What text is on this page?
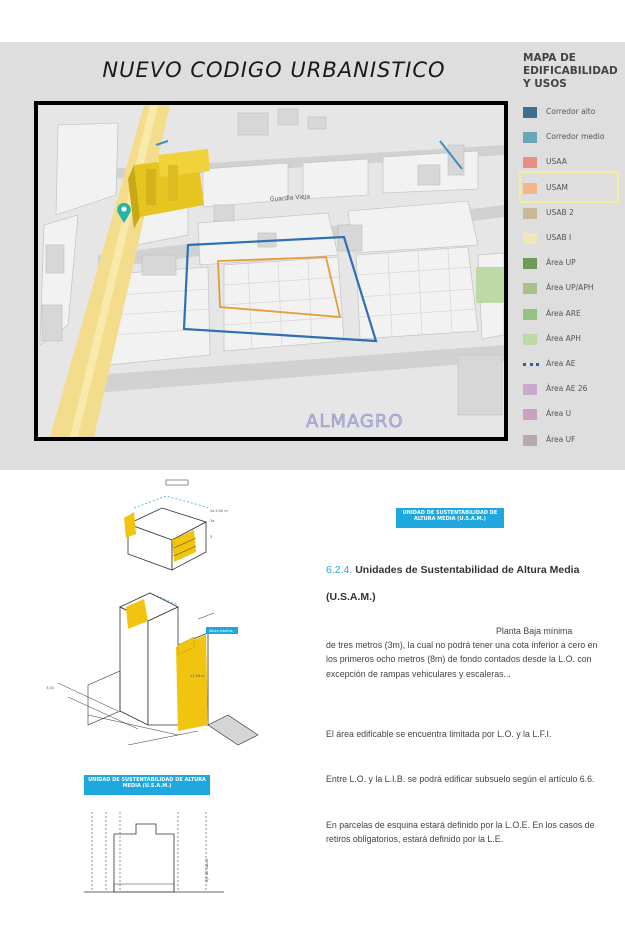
NUEVO CODIGO URBANISTICO
Guardia Vieja
ALMAGRO
MAPA DE
EDIFICABILIDAD
Y USOS
Corredor alto
Corredor medio
USAA
USAM
USAB 2
USAB I
Área UP
Área UP/APH
Área ARE
Área APH
Área AE
Área AE 26
Área U
Área UF
3a 4,00 m
3a
3
Altura máxima
11,20 m
3,00
EJE DE CALLE
UNIDAD DE SUSTENTABILIDAD DE ALTURA MEDIA (U.S.A.M.)
UNIDAD DE SUSTENTABILIDAD DE ALTURA MEDIA (U.S.A.M.)
6.2.4. Unidades de Sustentabilidad de Altura Media (U.S.A.M.)
Planta Baja mínima
de tres metros (3m), la cual no podrá tener una cota inferior a cero en los primeros ocho metros (8m) de fondo contados desde la L.O. con excepción de rampas vehiculares y escaleras...
El área edificable se encuentra limitada por L.O. y la L.F.I.
Entre L.O. y la L.I.B. se podrá edificar subsuelo según el artículo 6.6.
En parcelas de esquina estará definido por la L.O.E. En los casos de retiros obligatorios, estará definido por la L.E.
